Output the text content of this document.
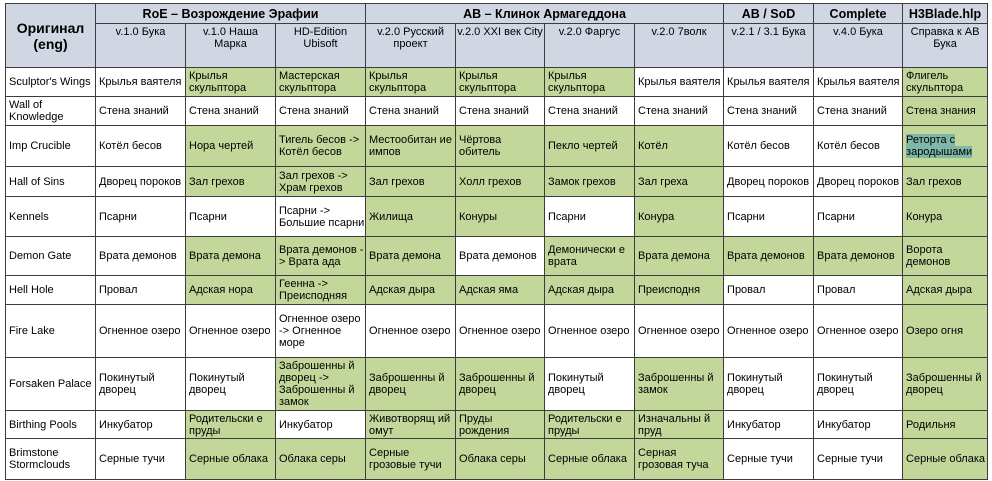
Оригинал (eng)	RoE – Возрождение Эрафии			AB – Клинок Армагеддона				AB / SoD	Complete	H3Blade.hlp
	v.1.0 Бука	v.1.0 Наша Марка	HD-Edition Ubisoft	v.2.0 Русский проект	v.2.0 XXI век City	v.2.0 Фаргус	v.2.0 7волк	v.2.1 / 3.1 Бука	v.4.0 Бука	Справка к AB Бука
Sculptor's Wings	Крылья ваятеля	Крылья скульптора	Мастерская скульптора	Крылья скульптора	Крылья скульптора	Крылья скульптора	Крылья ваятеля	Крылья ваятеля	Крылья ваятеля	Флигель скульптора
Wall of Knowledge	Стена знаний	Стена знаний	Стена знаний	Стена знаний	Стена знаний	Стена знаний	Стена знаний	Стена знаний	Стена знаний	Стена знания
Imp Crucible	Котёл бесов	Нора чертей	Тигель бесов -> Котёл бесов	Местообитан ие импов	Чёртова обитель	Пекло чертей	Котёл	Котёл бесов	Котёл бесов	Реторта с зародышами
Hall of Sins	Дворец пороков	Зал грехов	Зал грехов -> Храм грехов	Зал грехов	Холл грехов	Замок грехов	Зал греха	Дворец пороков	Дворец пороков	Зал грехов
Kennels	Псарни	Псарни	Псарни -> Большие псарни	Жилища	Конуры	Псарни	Конура	Псарни	Псарни	Конура
Demon Gate	Врата демонов	Врата демона	Врата демонов -> Врата ада	Врата демона	Врата демонов	Демонически е врата	Врата демона	Врата демонов	Врата демонов	Ворота демонов
Hell Hole	Провал	Адская нора	Геенна -> Преисподняя	Адская дыра	Адская яма	Адская дыра	Преисподня	Провал	Провал	Адская дыра
Fire Lake	Огненное озеро	Огненное озеро	Огненное озеро -> Огненное море	Огненное озеро	Огненное озеро	Огненное озеро	Огненное озеро	Огненное озеро	Огненное озеро	Озеро огня
Forsaken Palace	Покинутый дворец	Покинутый дворец	Заброшенны й дворец -> Заброшенны й замок	Заброшенны й дворец	Заброшенны й дворец	Покинутый дворец	Заброшенны й замок	Покинутый дворец	Покинутый дворец	Заброшенны й дворец
Birthing Pools	Инкубатор	Родительски е пруды	Инкубатор	Животворящ ий омут	Пруды рождения	Родительски е пруды	Изначальны й пруд	Инкубатор	Инкубатор	Родильня
Brimstone Stormclouds	Серные тучи	Серные облака	Облака серы	Серные грозовые тучи	Облака серы	Серные облака	Серная грозовая туча	Серные тучи	Серные тучи	Серные облака
